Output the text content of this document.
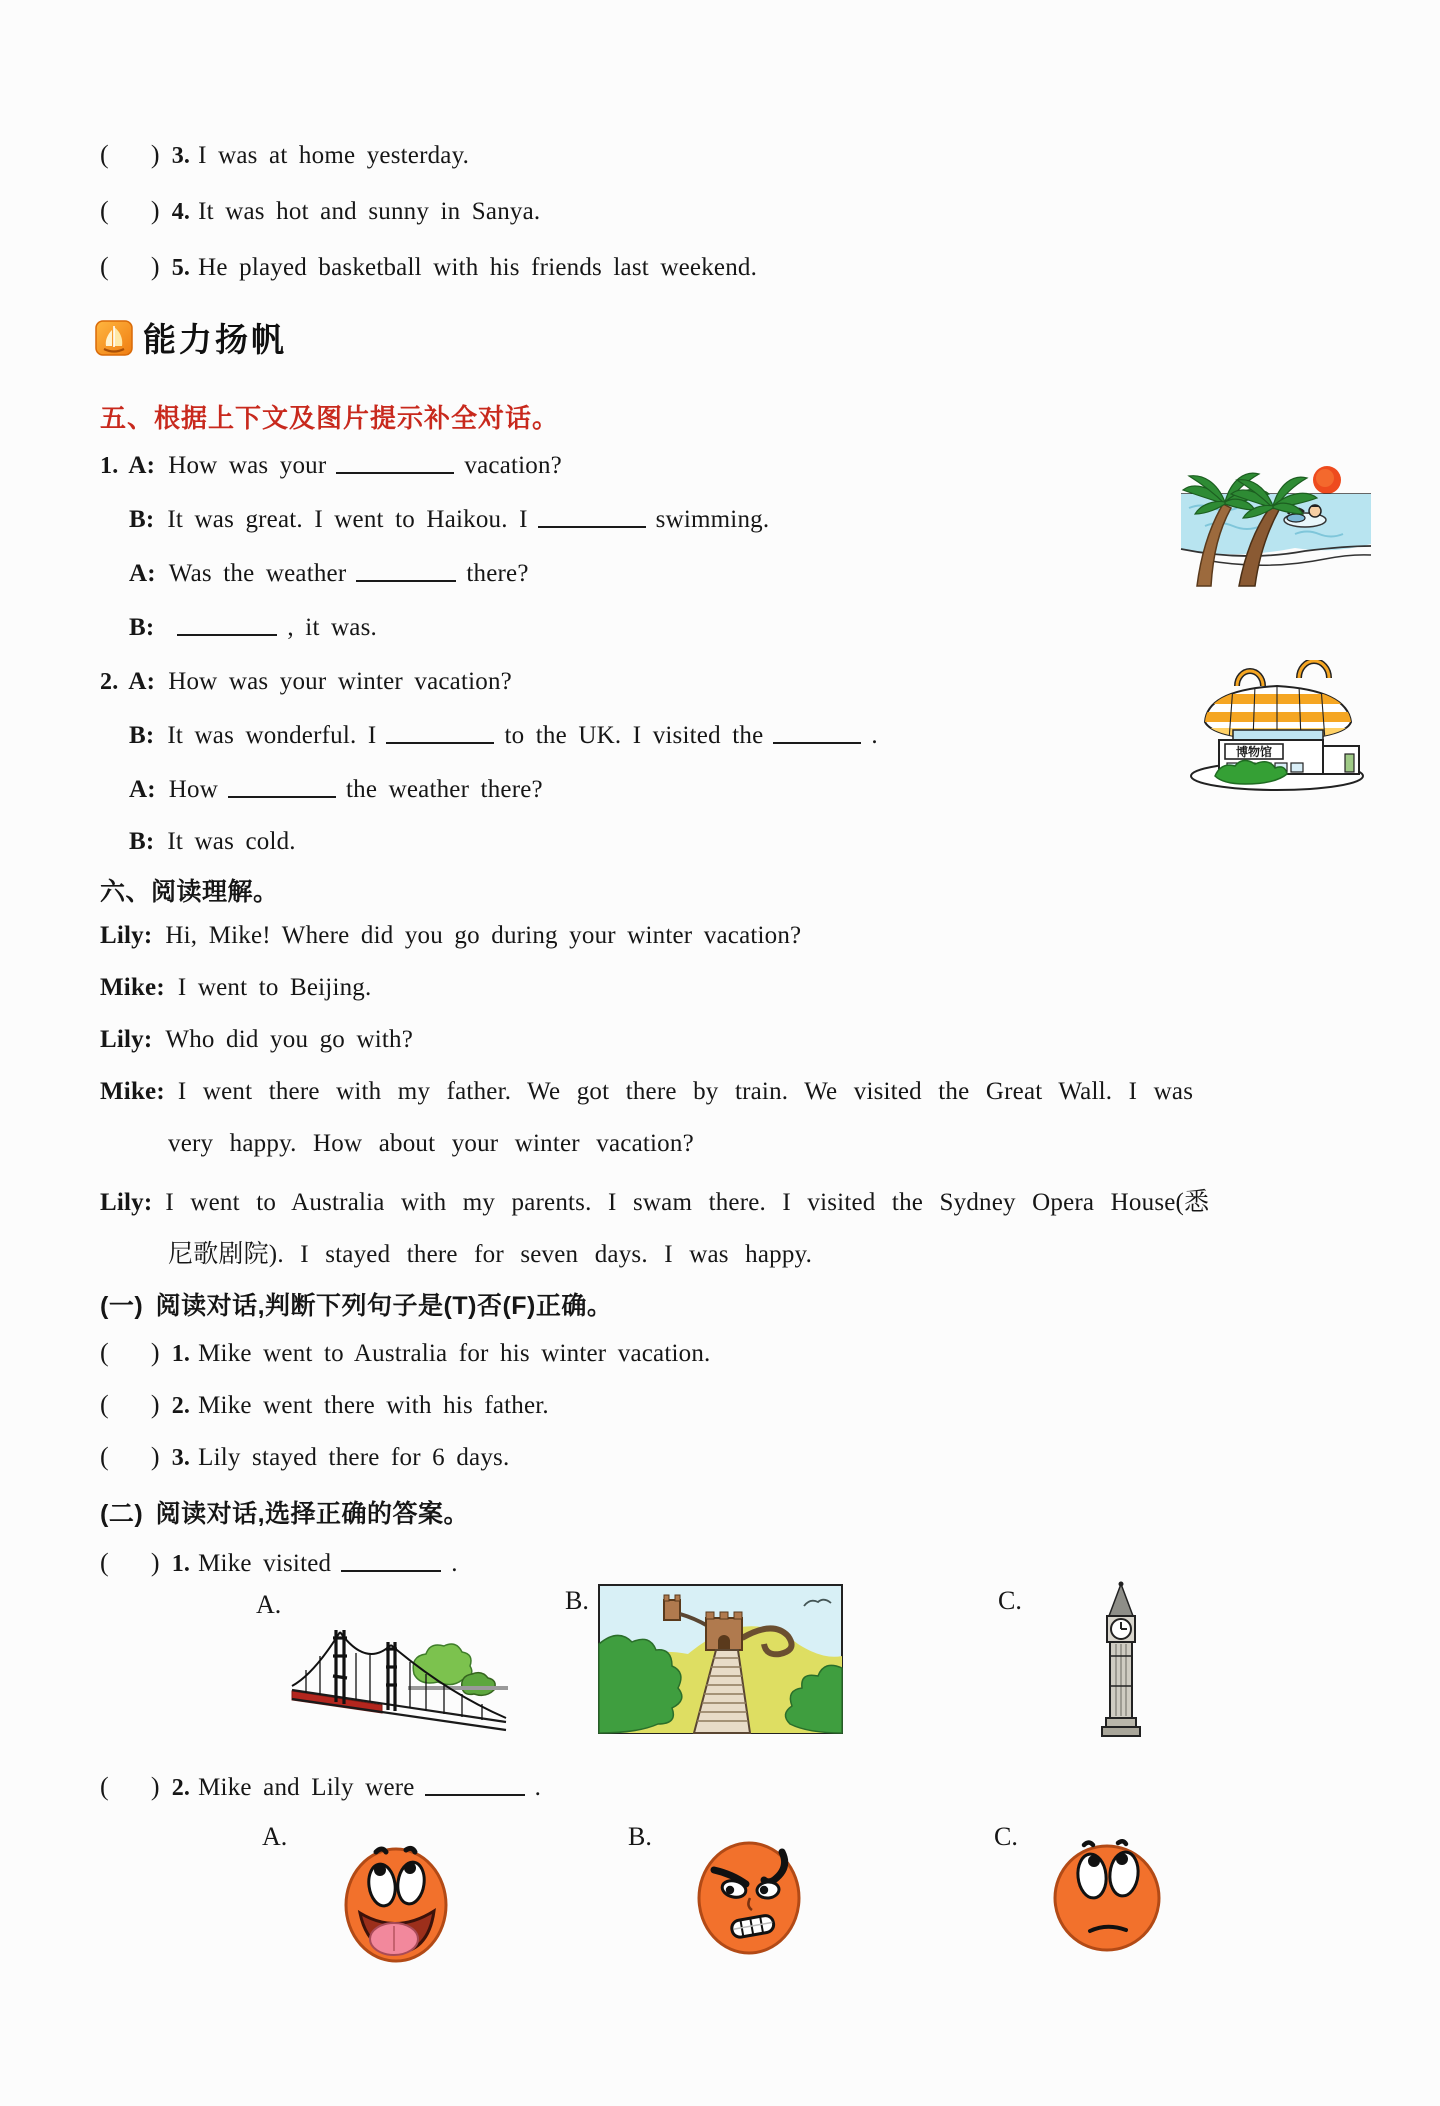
( ) 3. I was at home yesterday.
( ) 4. It was hot and sunny in Sanya.
( ) 5. He played basketball with his friends last weekend.
能力扬帆
五、根据上下文及图片提示补全对话。
1. A: How was your	vacation?
B: It was great. I went to Haikou. I	swimming.
A: Was the weather	there?
B:	, it was.
2. A: How was your winter vacation?
B: It was wonderful. I	to the UK. I visited the	.
A: How	the weather there?
B: It was cold.
六、阅读理解。
Lily: Hi, Mike! Where did you go during your winter vacation?
Mike: I went to Beijing.
Lily: Who did you go with?
Mike: I went there with my father. We got there by train. We visited the Great Wall. I was
very happy. How about your winter vacation?
Lily: I went to Australia with my parents. I swam there. I visited the Sydney Opera House(悉
尼歌剧院). I stayed there for seven days. I was happy.
(一) 阅读对话,判断下列句子是(T)否(F)正确。
( ) 1. Mike went to Australia for his winter vacation.
( ) 2. Mike went there with his father.
( ) 3. Lily stayed there for 6 days.
(二) 阅读对话,选择正确的答案。
( ) 1. Mike visited	.
A.	B.	C.
( ) 2. Mike and Lily were	.
A.	B.	C.
博物馆
